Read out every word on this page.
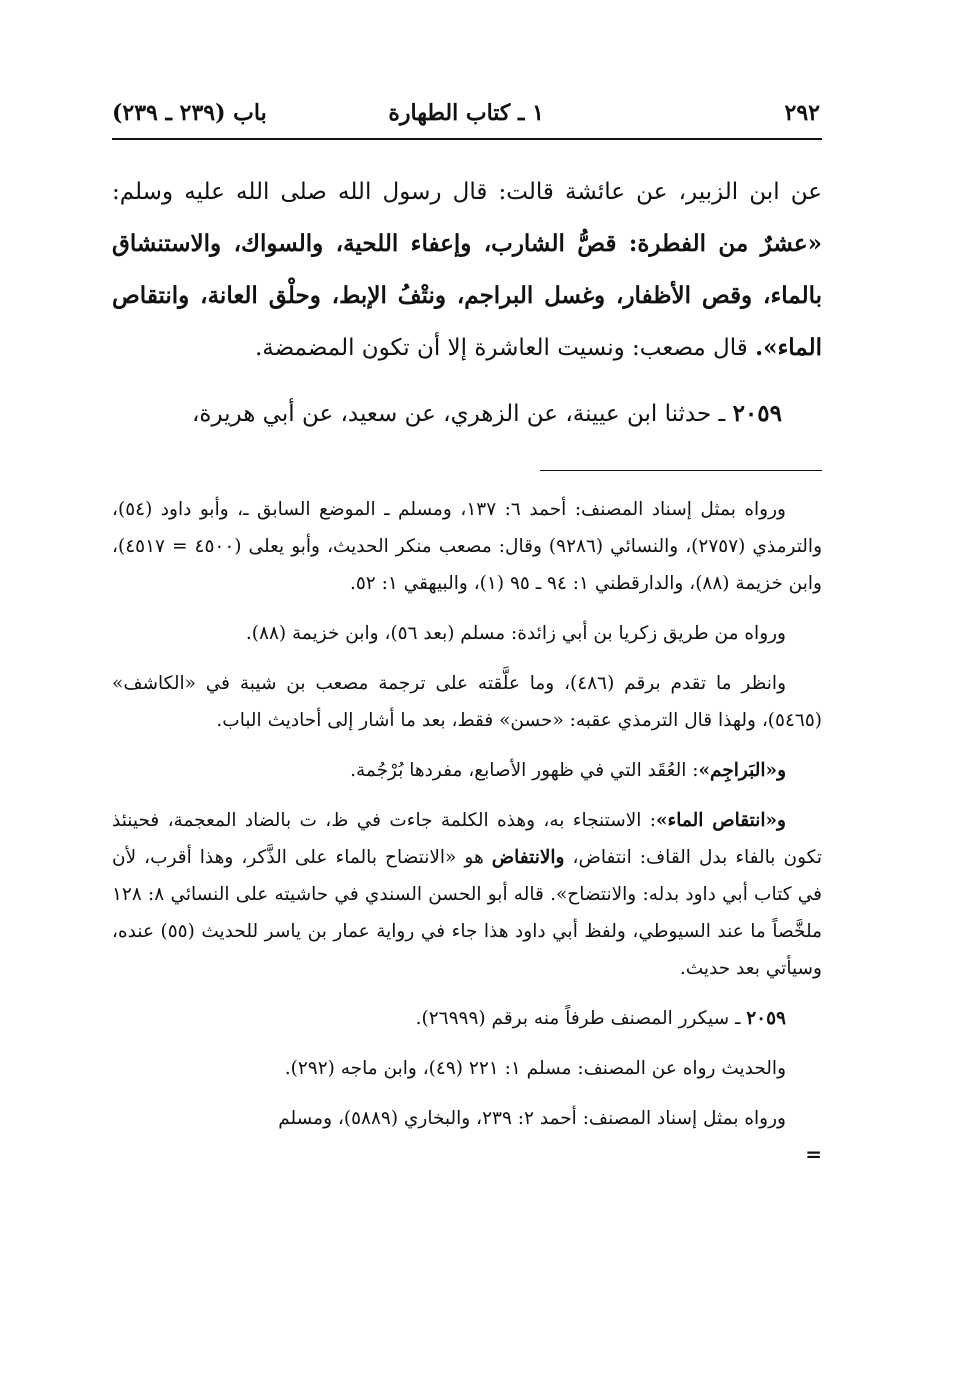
٢٩٢
١ ـ كتاب الطهارة
باب (٢٣٩ ـ ٢٣٩)

عن ابن الزبير، عن عائشة قالت: قال رسول الله صلى الله عليه وسلم: «عشرٌ من الفطرة: قصُّ الشارب، وإعفاء اللحية، والسواك، والاستنشاق بالماء، وقص الأظفار، وغسل البراجم، ونتْفُ الإبط، وحلْق العانة، وانتقاص الماء». قال مصعب: ونسيت العاشرة إلا أن تكون المضمضة.

٢٠٥٩ ـ حدثنا ابن عيينة، عن الزهري، عن سعيد، عن أبي هريرة،

ورواه بمثل إسناد المصنف: أحمد ٦: ١٣٧، ومسلم ـ الموضع السابق ـ، وأبو داود (٥٤)، والترمذي (٢٧٥٧)، والنسائي (٩٢٨٦) وقال: مصعب منكر الحديث، وأبو يعلى (٤٥٠٠ = ٤٥١٧)، وابن خزيمة (٨٨)، والدارقطني ١: ٩٤ ـ ٩٥ (١)، والبيهقي ١: ٥٢.

ورواه من طريق زكريا بن أبي زائدة: مسلم (بعد ٥٦)، وابن خزيمة (٨٨).

وانظر ما تقدم برقم (٤٨٦)، وما علَّقته على ترجمة مصعب بن شيبة في «الكاشف» (٥٤٦٥)، ولهذا قال الترمذي عقبه: «حسن» فقط، بعد ما أشار إلى أحاديث الباب.

و«البَراجِم»: العُقَد التي في ظهور الأصابع، مفردها بُرْجُمة.

و«انتقاص الماء»: الاستنجاء به، وهذه الكلمة جاءت في ظ، ت بالضاد المعجمة، فحينئذ تكون بالفاء بدل القاف: انتفاض، والانتفاض هو «الانتضاح بالماء على الذَّكر، وهذا أقرب، لأن في كتاب أبي داود بدله: والانتضاح». قاله أبو الحسن السندي في حاشيته على النسائي ٨: ١٢٨ ملخَّصاً ما عند السيوطي، ولفظ أبي داود هذا جاء في رواية عمار بن ياسر للحديث (٥٥) عنده، وسيأتي بعد حديث.

٢٠٥٩ ـ سيكرر المصنف طرفاً منه برقم (٢٦٩٩٩).

والحديث رواه عن المصنف: مسلم ١: ٢٢١ (٤٩)، وابن ماجه (٢٩٢).

ورواه بمثل إسناد المصنف: أحمد ٢: ٢٣٩، والبخاري (٥٨٨٩)، ومسلم

=
